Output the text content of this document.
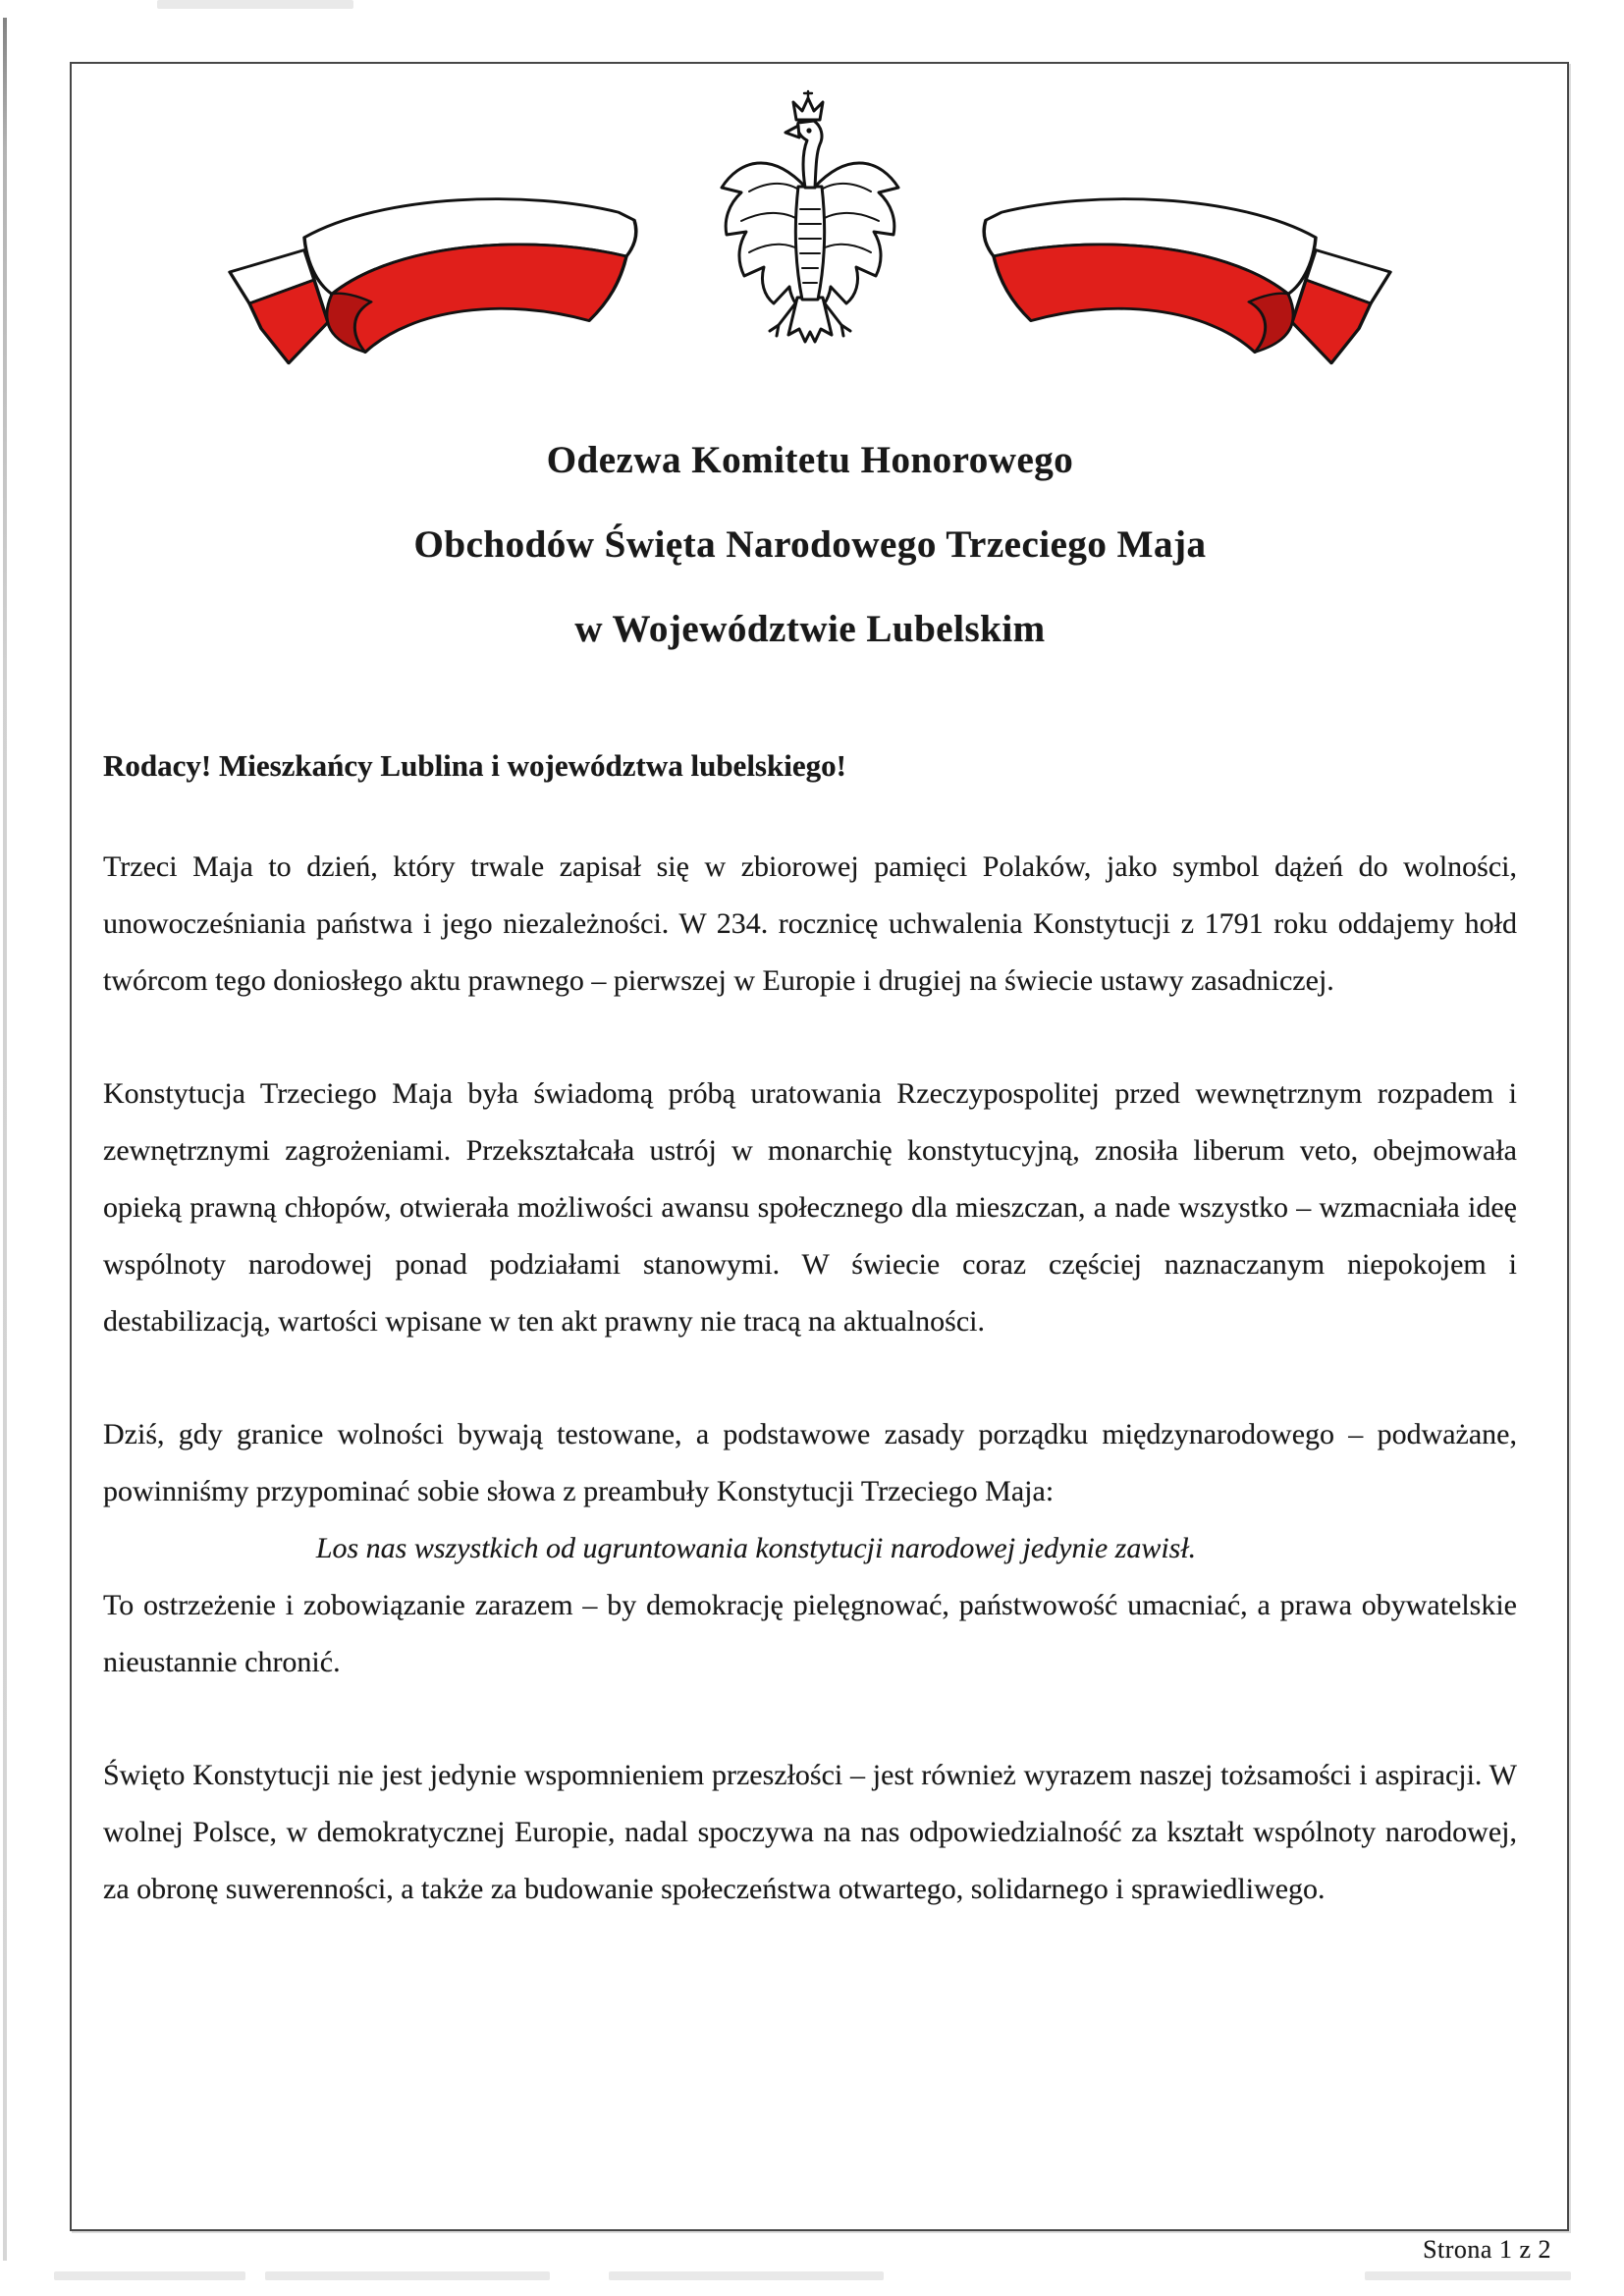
Odezwa Komitetu Honorowego
Obchodów Święta Narodowego Trzeciego Maja
w Województwie Lubelskim
Rodacy! Mieszkańcy Lublina i województwa lubelskiego!

Trzeci Maja to dzień, który trwale zapisał się w zbiorowej pamięci Polaków, jako symbol dążeń do wolności, unowocześniania państwa i jego niezależności. W 234. rocznicę uchwalenia Konstytucji z 1791 roku oddajemy hołd twórcom tego doniosłego aktu prawnego – pierwszej w Europie i drugiej na świecie ustawy zasadniczej.

Konstytucja Trzeciego Maja była świadomą próbą uratowania Rzeczypospolitej przed wewnętrznym rozpadem i zewnętrznymi zagrożeniami. Przekształcała ustrój w monarchię konstytucyjną, znosiła liberum veto, obejmowała opieką prawną chłopów, otwierała możliwości awansu społecznego dla mieszczan, a nade wszystko – wzmacniała ideę wspólnoty narodowej ponad podziałami stanowymi. W świecie coraz częściej naznaczanym niepokojem i destabilizacją, wartości wpisane w ten akt prawny nie tracą na aktualności.

Dziś, gdy granice wolności bywają testowane, a podstawowe zasady porządku międzynarodowego – podważane, powinniśmy przypominać sobie słowa z preambuły Konstytucji Trzeciego Maja:

Los nas wszystkich od ugruntowania konstytucji narodowej jedynie zawisł.

To ostrzeżenie i zobowiązanie zarazem – by demokrację pielęgnować, państwowość umacniać, a prawa obywatelskie nieustannie chronić.

Święto Konstytucji nie jest jedynie wspomnieniem przeszłości – jest również wyrazem naszej tożsamości i aspiracji. W wolnej Polsce, w demokratycznej Europie, nadal spoczywa na nas odpowiedzialność za kształt wspólnoty narodowej, za obronę suwerenności, a także za budowanie społeczeństwa otwartego, solidarnego i sprawiedliwego.

Strona 1 z 2
